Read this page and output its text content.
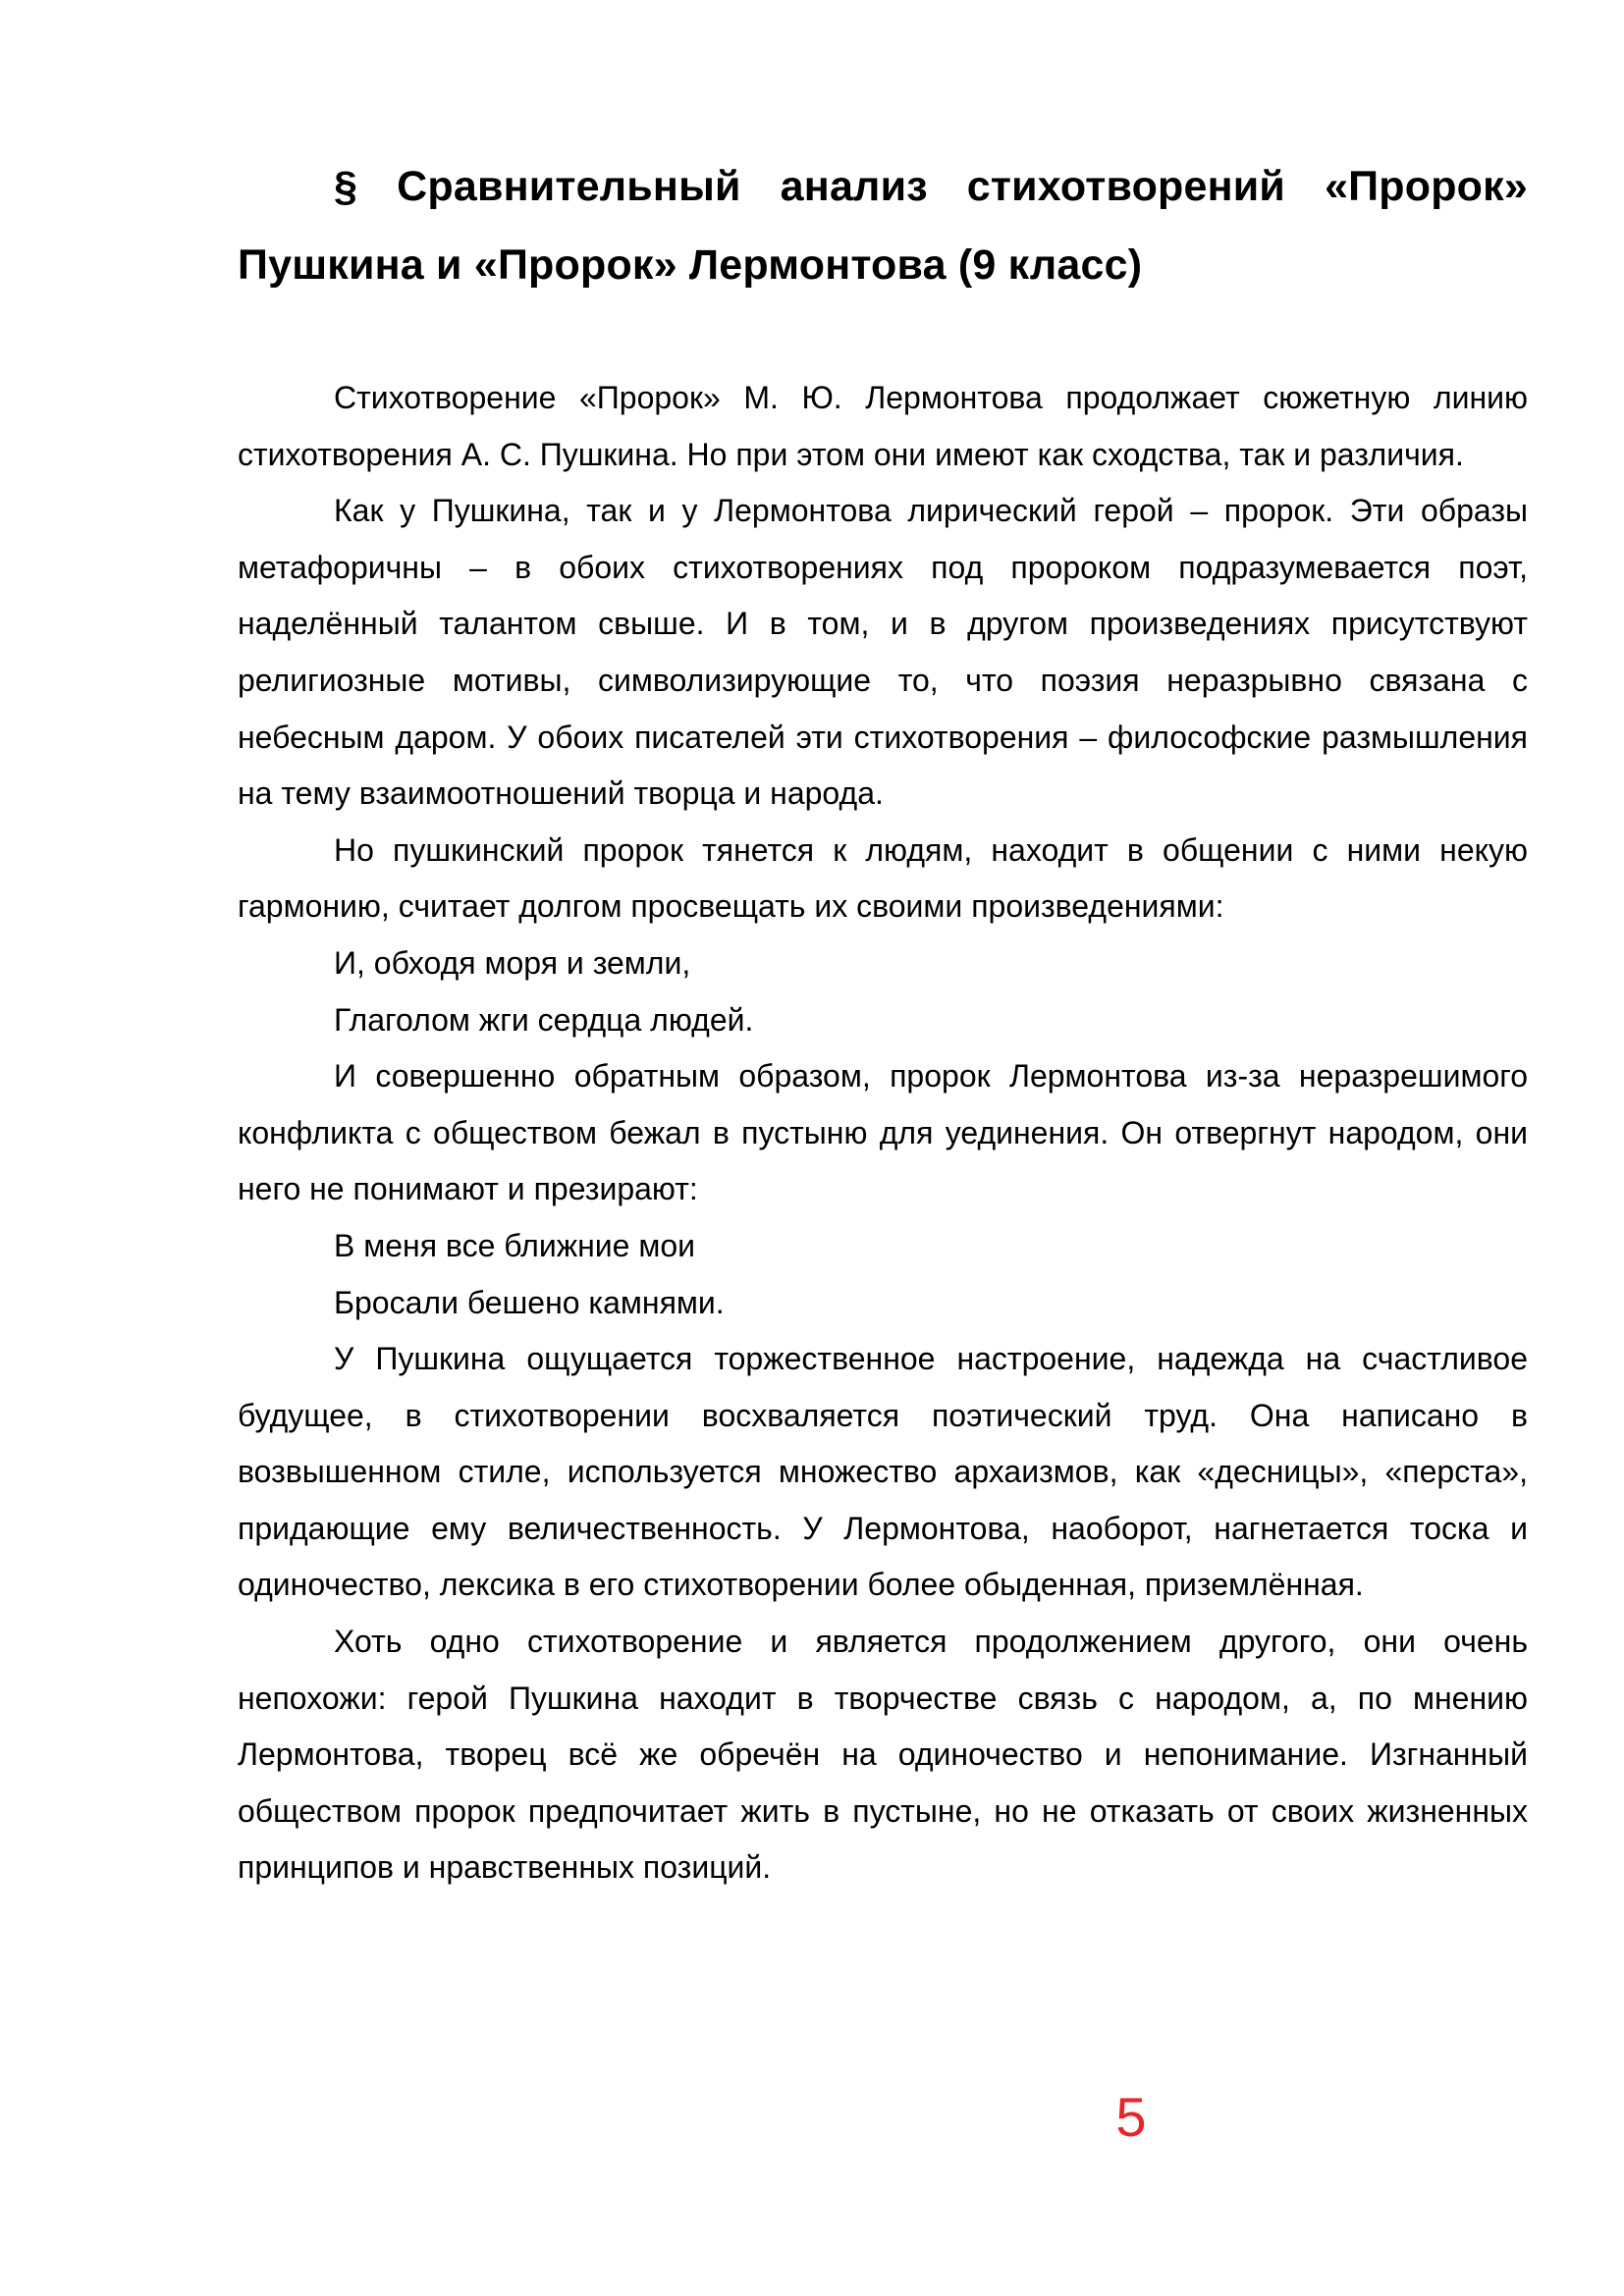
§ Сравнительный анализ стихотворений «Пророк» Пушкина и «Пророк» Лермонтова (9 класс)

Стихотворение «Пророк» М. Ю. Лермонтова продолжает сюжетную линию стихотворения А. С. Пушкина. Но при этом они имеют как сходства, так и различия.

Как у Пушкина, так и у Лермонтова лирический герой – пророк. Эти образы метафоричны – в обоих стихотворениях под пророком подразумевается поэт, наделённый талантом свыше. И в том, и в другом произведениях присутствуют религиозные мотивы, символизирующие то, что поэзия неразрывно связана с небесным даром. У обоих писателей эти стихотворения – философские размышления на тему взаимоотношений творца и народа.

Но пушкинский пророк тянется к людям, находит в общении с ними некую гармонию, считает долгом просвещать их своими произведениями:

И, обходя моря и земли,

Глаголом жги сердца людей.

И совершенно обратным образом, пророк Лермонтова из-за неразрешимого конфликта с обществом бежал в пустыню для уединения. Он отвергнут народом, они него не понимают и презирают:

В меня все ближние мои

Бросали бешено камнями.

У Пушкина ощущается торжественное настроение, надежда на счастливое будущее, в стихотворении восхваляется поэтический труд. Она написано в возвышенном стиле, используется множество архаизмов, как «десницы», «перста», придающие ему величественность. У Лермонтова, наоборот, нагнетается тоска и одиночество, лексика в его стихотворении более обыденная, приземлённая.

Хоть одно стихотворение и является продолжением другого, они очень непохожи: герой Пушкина находит в творчестве связь с народом, а, по мнению Лермонтова, творец всё же обречён на одиночество и непонимание. Изгнанный обществом пророк предпочитает жить в пустыне, но не отказать от своих жизненных принципов и нравственных позиций.

5
